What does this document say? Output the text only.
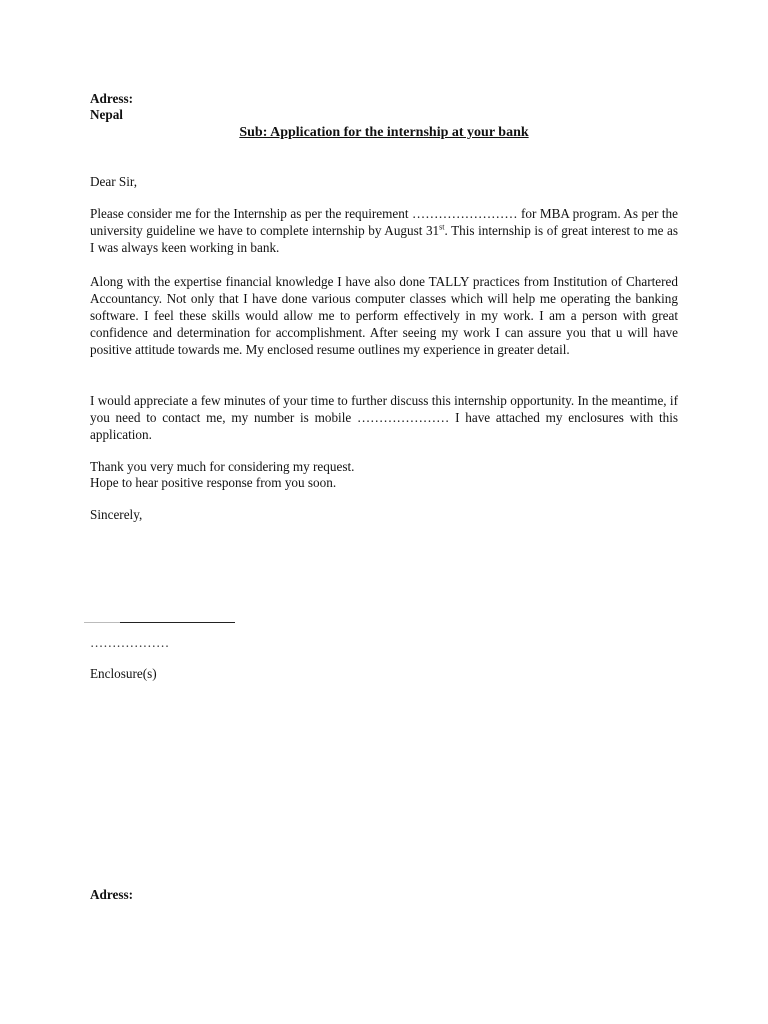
Adress:
Nepal
Sub: Application for the internship at your bank
Dear Sir,
Please consider me for the Internship as per the requirement …………………… for MBA program. As per the university guideline we have to complete internship by August 31st. This internship is of great interest to me as I was always keen working in bank.
Along with the expertise financial knowledge I have also done TALLY practices from Institution of Chartered Accountancy. Not only that I have done various computer classes which will help me operating the banking software. I feel these skills would allow me to perform effectively in my work. I am a person with great confidence and determination for accomplishment. After seeing my work I can assure you that u will have positive attitude towards me. My enclosed resume outlines my experience in greater detail.
I would appreciate a few minutes of your time to further discuss this internship opportunity. In the meantime, if you need to contact me, my number is mobile ………………… I have attached my enclosures with this application.
Thank you very much for considering my request.
Hope to hear positive response from you soon.
Sincerely,
………………
Enclosure(s)
Adress:
